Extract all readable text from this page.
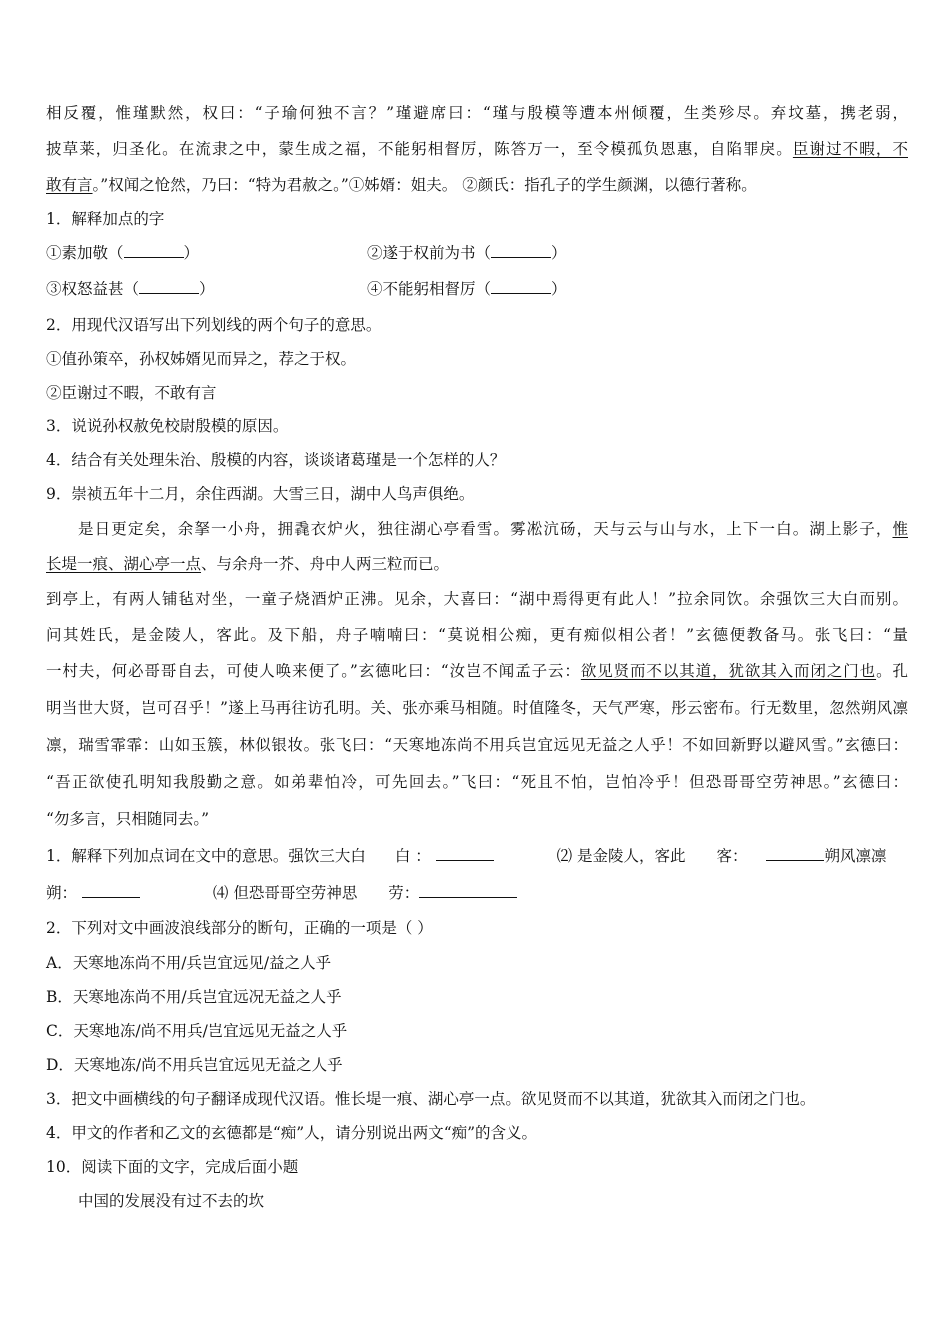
相反覆，惟瑾默然，权曰：“子瑜何独不言？”瑾避席曰：“瑾与殷模等遭本州倾覆，生类殄尽。弃坟墓，携老弱，
披草莱，归圣化。在流隶之中，蒙生成之福，不能躬相督厉，陈答万一，至令模孤负恩惠，自陷罪戾。臣谢过不暇，不
敢有言。”权闻之怆然，乃曰：“特为君赦之。”①姊婿：姐夫。 ②颜氏：指孔子的学生颜渊，以德行著称。
1．解释加点的字
①素加敬（	）	②遂于权前为书（	）
③权怒益甚（	）	④不能躬相督厉（	）
2．用现代汉语写出下列划线的两个句子的意思。
①值孙策卒，孙权姊婿见而异之，荐之于权。
②臣谢过不暇，不敢有言
3．说说孙权赦免校尉殷模的原因。
4．结合有关处理朱治、殷模的内容，谈谈诸葛瑾是一个怎样的人？
9．崇祯五年十二月，余住西湖。大雪三日，湖中人鸟声俱绝。
是日更定矣，余拏一小舟，拥毳衣炉火，独往湖心亭看雪。雾凇沆砀，天与云与山与水，上下一白。湖上影子，惟
长堤一痕、湖心亭一点、与余舟一芥、舟中人两三粒而已。
到亭上，有两人铺毡对坐，一童子烧酒炉正沸。见余，大喜曰：“湖中焉得更有此人！”拉余同饮。余强饮三大白而别。
问其姓氏，是金陵人，客此。及下船，舟子喃喃曰：“莫说相公痴，更有痴似相公者！”玄德便教备马。张飞曰：“量
一村夫，何必哥哥自去，可使人唤来便了。”玄德叱曰：“汝岂不闻孟子云：欲见贤而不以其道，犹欲其入而闭之门也。孔
明当世大贤，岂可召乎！”遂上马再往访孔明。关、张亦乘马相随。时值隆冬，天气严寒，彤云密布。行无数里，忽然朔风凛
凛，瑞雪霏霏：山如玉簇，林似银妆。张飞曰：“天寒地冻尚不用兵岂宜远见无益之人乎！不如回新野以避风雪。”玄德曰：
“吾正欲使孔明知我殷勤之意。如弟辈怕冷，可先回去。”飞曰：“死且不怕，岂怕冷乎！但恐哥哥空劳神思。”玄德曰：
“勿多言，只相随同去。”
1．解释下列加点词在文中的意思。强饮三大白 白 ：	⑵ 是金陵人，客此 客：	朔风凛凛
朔：	⑷ 但恐哥哥空劳神思 劳：
2．下列对文中画波浪线部分的断句，正确的一项是（ ）
A．天寒地冻尚不用/兵岂宜远见/益之人乎
B．天寒地冻尚不用/兵岂宜远况无益之人乎
C．天寒地冻/尚不用兵/岂宜远见无益之人乎
D．天寒地冻/尚不用兵岂宜远见无益之人乎
3．把文中画横线的句子翻译成现代汉语。惟长堤一痕、湖心亭一点。欲见贤而不以其道，犹欲其入而闭之门也。
4．甲文的作者和乙文的玄德都是“痴”人，请分别说出两文“痴”的含义。
10．阅读下面的文字，完成后面小题
中国的发展没有过不去的坎
